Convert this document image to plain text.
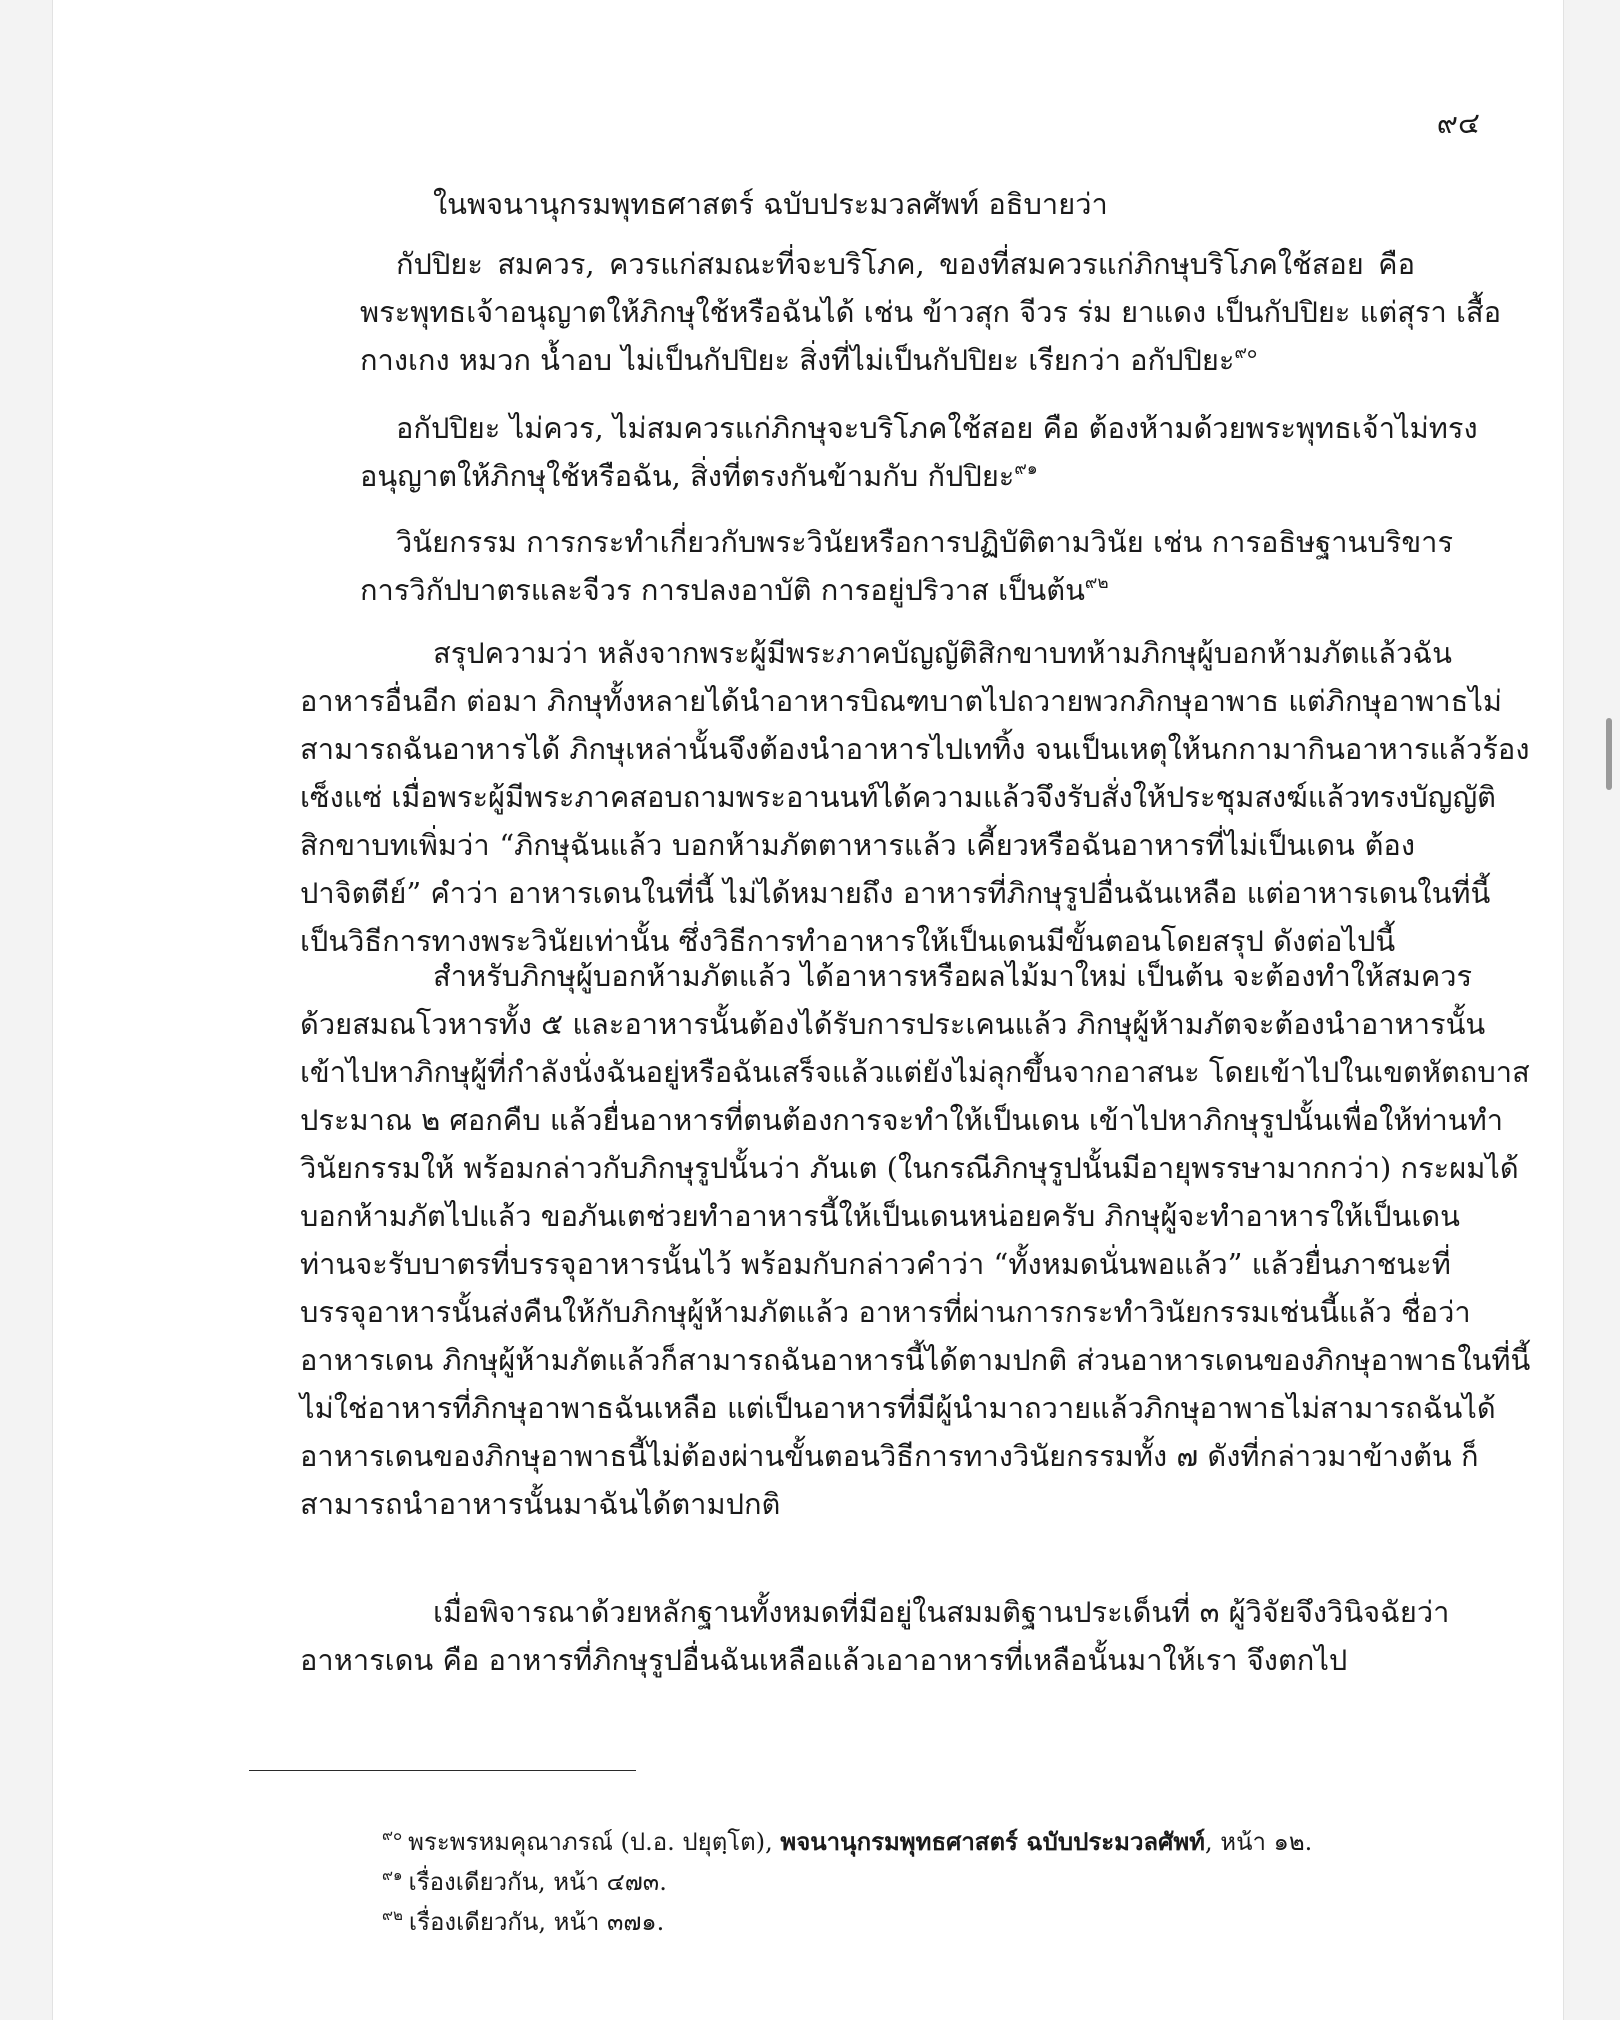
๙๔
ในพจนานุกรมพุทธศาสตร์ ฉบับประมวลศัพท์ อธิบายว่า
กัปปิยะ สมควร, ควรแก่สมณะที่จะบริโภค, ของที่สมควรแก่ภิกษุบริโภคใช้สอย คือ
พระพุทธเจ้าอนุญาตให้ภิกษุใช้หรือฉันได้ เช่น ข้าวสุก จีวร ร่ม ยาแดง เป็นกัปปิยะ แต่สุรา เสื้อ
กางเกง หมวก น้ำอบ ไม่เป็นกัปปิยะ สิ่งที่ไม่เป็นกัปปิยะ เรียกว่า อกัปปิยะ$^{๙๐}$
อกัปปิยะ ไม่ควร, ไม่สมควรแก่ภิกษุจะบริโภคใช้สอย คือ ต้องห้ามด้วยพระพุทธเจ้าไม่ทรง
อนุญาตให้ภิกษุใช้หรือฉัน, สิ่งที่ตรงกันข้ามกับ กัปปิยะ$^{๙๑}$
วินัยกรรม การกระทำเกี่ยวกับพระวินัยหรือการปฏิบัติตามวินัย เช่น การอธิษฐานบริขาร
การวิกัปบาตรและจีวร การปลงอาบัติ การอยู่ปริวาส เป็นต้น$^{๙๒}$
สรุปความว่า หลังจากพระผู้มีพระภาคบัญญัติสิกขาบทห้ามภิกษุผู้บอกห้ามภัตแล้วฉัน
อาหารอื่นอีก ต่อมา ภิกษุทั้งหลายได้นำอาหารบิณฑบาตไปถวายพวกภิกษุอาพาธ แต่ภิกษุอาพาธไม่
สามารถฉันอาหารได้ ภิกษุเหล่านั้นจึงต้องนำอาหารไปเททิ้ง จนเป็นเหตุให้นกกามากินอาหารแล้วร้อง
เซ็งแซ่ เมื่อพระผู้มีพระภาคสอบถามพระอานนท์ได้ความแล้วจึงรับสั่งให้ประชุมสงฆ์แล้วทรงบัญญัติ
สิกขาบทเพิ่มว่า “ภิกษุฉันแล้ว บอกห้ามภัตตาหารแล้ว เคี้ยวหรือฉันอาหารที่ไม่เป็นเดน ต้อง
ปาจิตตีย์” คำว่า อาหารเดนในที่นี้ ไม่ได้หมายถึง อาหารที่ภิกษุรูปอื่นฉันเหลือ แต่อาหารเดนในที่นี้
เป็นวิธีการทางพระวินัยเท่านั้น ซึ่งวิธีการทำอาหารให้เป็นเดนมีขั้นตอนโดยสรุป ดังต่อไปนี้
สำหรับภิกษุผู้บอกห้ามภัตแล้ว ได้อาหารหรือผลไม้มาใหม่ เป็นต้น จะต้องทำให้สมควร
ด้วยสมณโวหารทั้ง ๕ และอาหารนั้นต้องได้รับการประเคนแล้ว ภิกษุผู้ห้ามภัตจะต้องนำอาหารนั้น
เข้าไปหาภิกษุผู้ที่กำลังนั่งฉันอยู่หรือฉันเสร็จแล้วแต่ยังไม่ลุกขึ้นจากอาสนะ โดยเข้าไปในเขตหัตถบาส
ประมาณ ๒ ศอกคืบ แล้วยื่นอาหารที่ตนต้องการจะทำให้เป็นเดน เข้าไปหาภิกษุรูปนั้นเพื่อให้ท่านทำ
วินัยกรรมให้ พร้อมกล่าวกับภิกษุรูปนั้นว่า ภันเต (ในกรณีภิกษุรูปนั้นมีอายุพรรษามากกว่า) กระผมได้
บอกห้ามภัตไปแล้ว ขอภันเตช่วยทำอาหารนี้ให้เป็นเดนหน่อยครับ ภิกษุผู้จะทำอาหารให้เป็นเดน
ท่านจะรับบาตรที่บรรจุอาหารนั้นไว้ พร้อมกับกล่าวคำว่า “ทั้งหมดนั่นพอแล้ว” แล้วยื่นภาชนะที่
บรรจุอาหารนั้นส่งคืนให้กับภิกษุผู้ห้ามภัตแล้ว อาหารที่ผ่านการกระทำวินัยกรรมเช่นนี้แล้ว ชื่อว่า
อาหารเดน ภิกษุผู้ห้ามภัตแล้วก็สามารถฉันอาหารนี้ได้ตามปกติ ส่วนอาหารเดนของภิกษุอาพาธในที่นี้
ไม่ใช่อาหารที่ภิกษุอาพาธฉันเหลือ แต่เป็นอาหารที่มีผู้นำมาถวายแล้วภิกษุอาพาธไม่สามารถฉันได้
อาหารเดนของภิกษุอาพาธนี้ไม่ต้องผ่านขั้นตอนวิธีการทางวินัยกรรมทั้ง ๗ ดังที่กล่าวมาข้างต้น ก็
สามารถนำอาหารนั้นมาฉันได้ตามปกติ
เมื่อพิจารณาด้วยหลักฐานทั้งหมดที่มีอยู่ในสมมติฐานประเด็นที่ ๓ ผู้วิจัยจึงวินิจฉัยว่า
อาหารเดน คือ อาหารที่ภิกษุรูปอื่นฉันเหลือแล้วเอาอาหารที่เหลือนั้นมาให้เรา จึงตกไป
$^{๙๐}$ พระพรหมคุณาภรณ์ (ป.อ. ปยุตฺโต), พจนานุกรมพุทธศาสตร์ ฉบับประมวลศัพท์, หน้า ๑๒.
$^{๙๑}$ เรื่องเดียวกัน, หน้า ๔๗๓.
$^{๙๒}$ เรื่องเดียวกัน, หน้า ๓๗๑.
